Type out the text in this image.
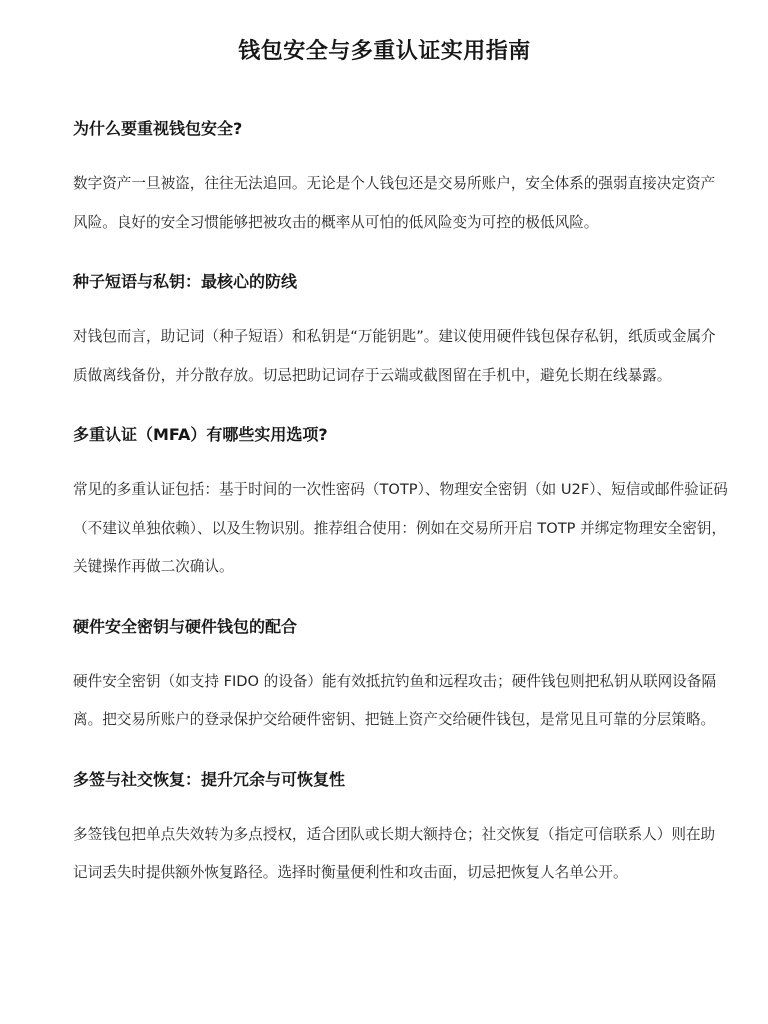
钱包安全与多重认证实用指南
为什么要重视钱包安全?

数字资产一旦被盗，往往无法追回。无论是个人钱包还是交易所账户，安全体系的强弱直接决定资产风险。良好的安全习惯能够把被攻击的概率从可怕的低风险变为可控的极低风险。

种子短语与私钥：最核心的防线

对钱包而言，助记词（种子短语）和私钥是“万能钥匙”。建议使用硬件钱包保存私钥，纸质或金属介质做离线备份，并分散存放。切忌把助记词存于云端或截图留在手机中，避免长期在线暴露。

多重认证（MFA）有哪些实用选项?

常见的多重认证包括：基于时间的一次性密码（TOTP）、物理安全密钥（如 U2F）、短信或邮件验证码（不建议单独依赖）、以及生物识别。推荐组合使用：例如在交易所开启 TOTP 并绑定物理安全密钥，关键操作再做二次确认。

硬件安全密钥与硬件钱包的配合

硬件安全密钥（如支持 FIDO 的设备）能有效抵抗钓鱼和远程攻击；硬件钱包则把私钥从联网设备隔离。把交易所账户的登录保护交给硬件密钥、把链上资产交给硬件钱包，是常见且可靠的分层策略。

多签与社交恢复：提升冗余与可恢复性

多签钱包把单点失效转为多点授权，适合团队或长期大额持仓；社交恢复（指定可信联系人）则在助记词丢失时提供额外恢复路径。选择时衡量便利性和攻击面，切忌把恢复人名单公开。
